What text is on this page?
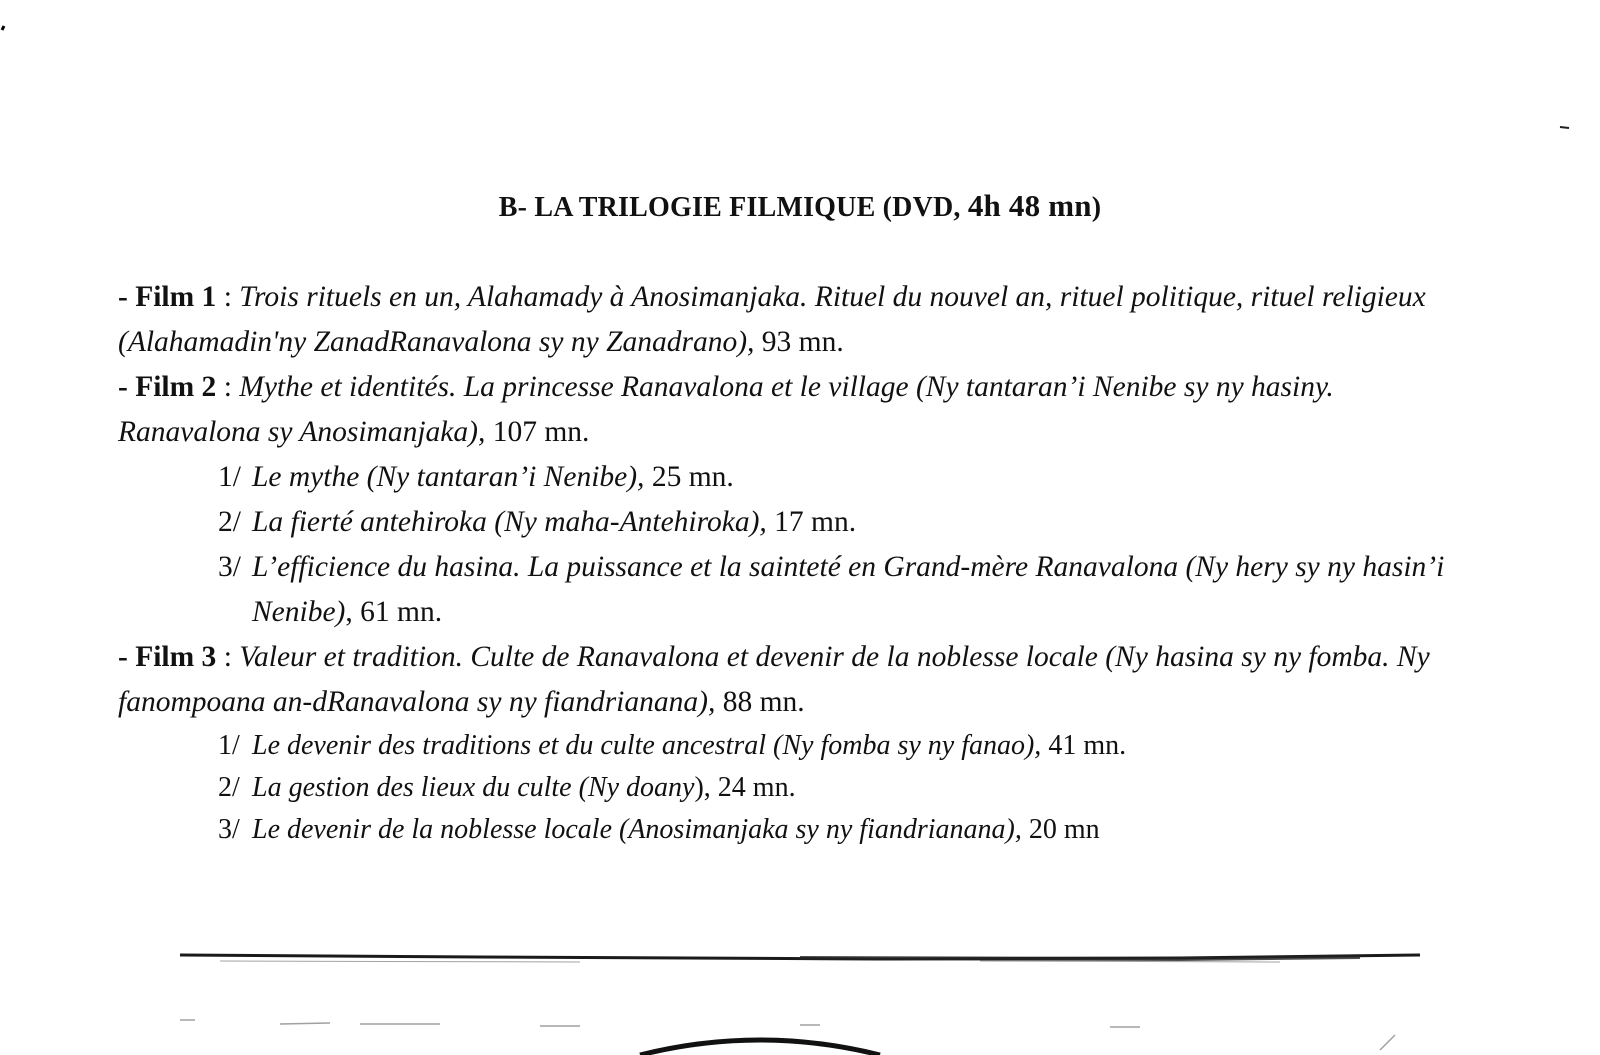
B- LA TRILOGIE FILMIQUE (DVD, 4h 48 mn)
- Film 1 : Trois rituels en un, Alahamady à Anosimanjaka. Rituel du nouvel an, rituel politique, rituel religieux (Alahamadin'ny ZanadRanavalona sy ny Zanadrano), 93 mn.
- Film 2 : Mythe et identités. La princesse Ranavalona et le village (Ny tantaran’i Nenibe sy ny hasiny. Ranavalona sy Anosimanjaka), 107 mn.
1/ Le mythe (Ny tantaran’i Nenibe), 25 mn.
2/ La fierté antehiroka (Ny maha-Antehiroka), 17 mn.
3/ L’efficience du hasina. La puissance et la sainteté en Grand-mère Ranavalona (Ny hery sy ny hasin’i Nenibe), 61 mn.
- Film 3 : Valeur et tradition. Culte de Ranavalona et devenir de la noblesse locale (Ny hasina sy ny fomba. Ny fanompoana an-dRanavalona sy ny fiandrianana), 88 mn.
1/ Le devenir des traditions et du culte ancestral (Ny fomba sy ny fanao), 41 mn.
2/ La gestion des lieux du culte (Ny doany), 24 mn.
3/ Le devenir de la noblesse locale (Anosimanjaka sy ny fiandrianana), 20 mn
